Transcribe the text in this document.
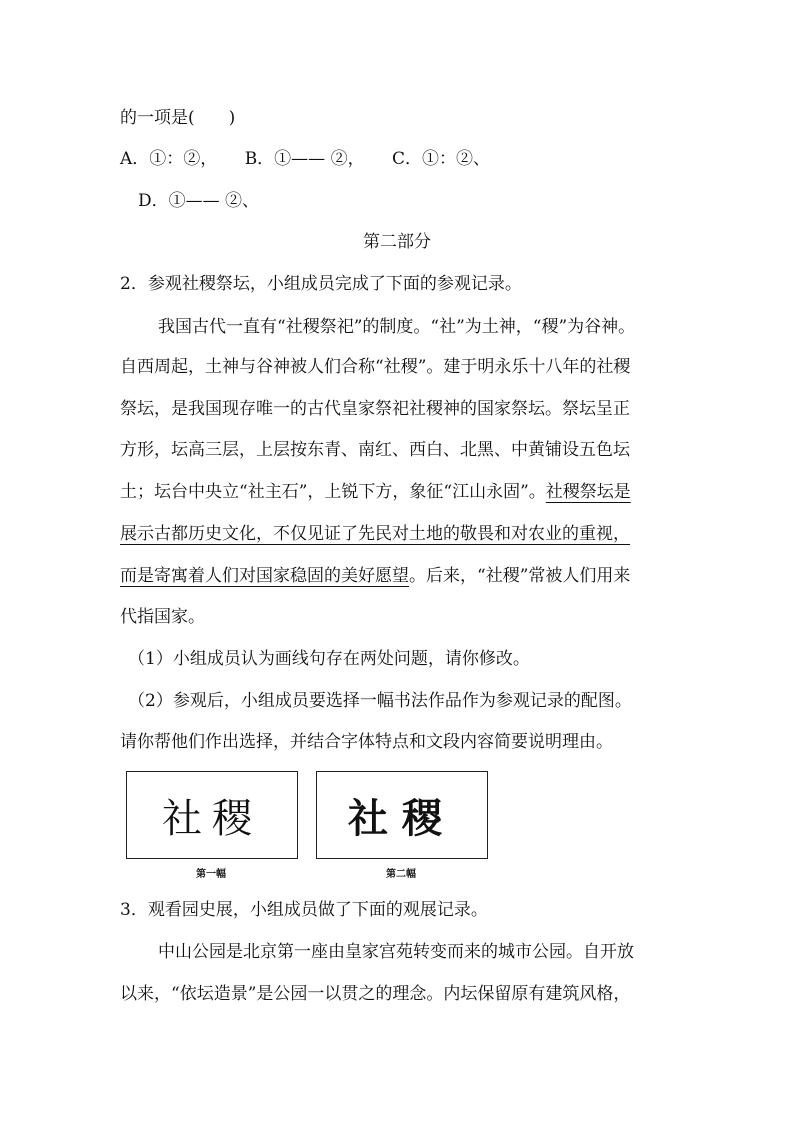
的一项是(　　)
A．①：②， B．①—— ②， C．①：②、
D．①—— ②、
第二部分
2．参观社稷祭坛，小组成员完成了下面的参观记录。
我国古代一直有“社稷祭祀”的制度。“社”为土神，“稷”为谷神。
自西周起，土神与谷神被人们合称“社稷”。建于明永乐十八年的社稷
祭坛，是我国现存唯一的古代皇家祭祀社稷神的国家祭坛。祭坛呈正
方形，坛高三层，上层按东青、南红、西白、北黑、中黄铺设五色坛
土；坛台中央立“社主石”，上锐下方，象征“江山永固”。社稷祭坛是
展示古都历史文化，不仅见证了先民对土地的敬畏和对农业的重视，
而是寄寓着人们对国家稳固的美好愿望。后来，“社稷”常被人们用来
代指国家。
（1）小组成员认为画线句存在两处问题，请你修改。
（2）参观后，小组成员要选择一幅书法作品作为参观记录的配图。
请你帮他们作出选择，并结合字体特点和文段内容简要说明理由。
社稷
第一幅
社稷
第二幅
3．观看园史展，小组成员做了下面的观展记录。
中山公园是北京第一座由皇家宫苑转变而来的城市公园。自开放
以来，“依坛造景”是公园一以贯之的理念。内坛保留原有建筑风格，
